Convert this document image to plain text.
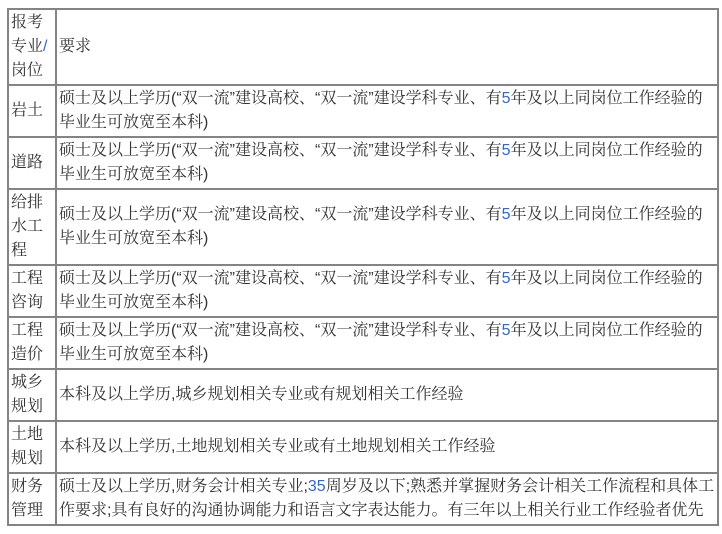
报考专业/岗位	要求
岩土	硕士及以上学历(“双一流”建设高校、“双一流”建设学科专业、有5年及以上同岗位工作经验的毕业生可放宽至本科)
道路	硕士及以上学历(“双一流”建设高校、“双一流”建设学科专业、有5年及以上同岗位工作经验的毕业生可放宽至本科)
给排水工程	硕士及以上学历(“双一流”建设高校、“双一流”建设学科专业、有5年及以上同岗位工作经验的毕业生可放宽至本科)
工程咨询	硕士及以上学历(“双一流”建设高校、“双一流”建设学科专业、有5年及以上同岗位工作经验的毕业生可放宽至本科)
工程造价	硕士及以上学历(“双一流”建设高校、“双一流”建设学科专业、有5年及以上同岗位工作经验的毕业生可放宽至本科)
城乡规划	本科及以上学历,城乡规划相关专业或有规划相关工作经验
土地规划	本科及以上学历,土地规划相关专业或有土地规划相关工作经验
财务管理	硕士及以上学历,财务会计相关专业;35周岁及以下;熟悉并掌握财务会计相关工作流程和具体工作要求;具有良好的沟通协调能力和语言文字表达能力。有三年以上相关行业工作经验者优先
